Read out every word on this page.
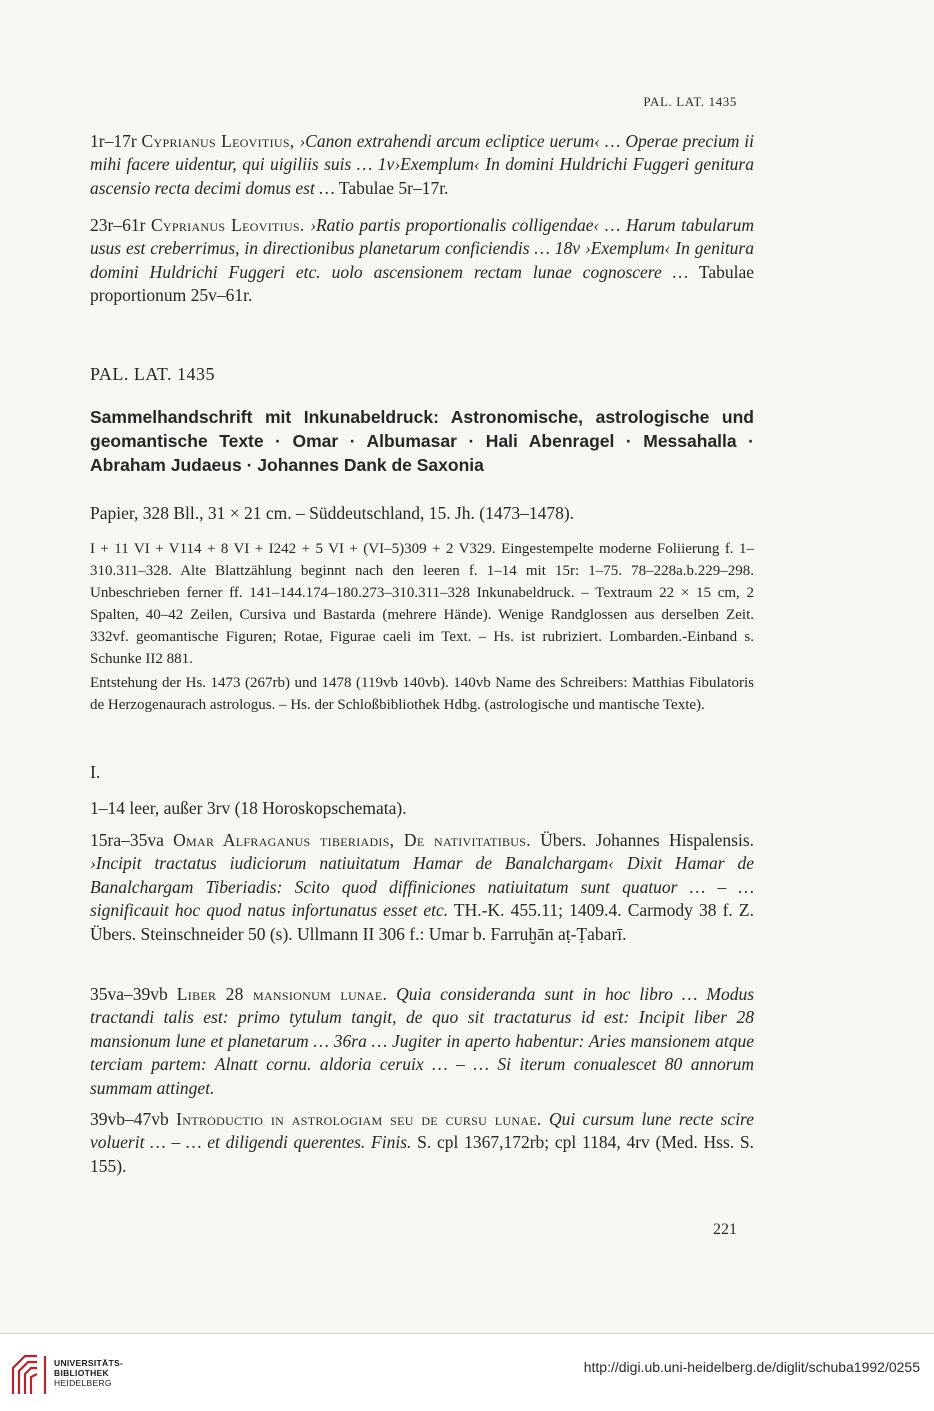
PAL. LAT. 1435

1r–17r Cyprianus Leovitius, ›Canon extrahendi arcum ecliptice uerum‹ … Operae precium ii mihi facere uidentur, qui uigiliis suis … 1v›Exemplum‹ In domini Huldrichi Fuggeri genitura ascensio recta decimi domus est … Tabulae 5r–17r.

23r–61r Cyprianus Leovitius. ›Ratio partis proportionalis colligendae‹ … Harum tabularum usus est creberrimus, in directionibus planetarum conficiendis … 18v ›Exemplum‹ In genitura domini Huldrichi Fuggeri etc. uolo ascensionem rectam lunae cognoscere … Tabulae proportionum 25v–61r.

PAL. LAT. 1435

Sammelhandschrift mit Inkunabeldruck: Astronomische, astrologische und geomantische Texte · Omar · Albumasar · Hali Abenragel · Messahalla · Abraham Judaeus · Johannes Dank de Saxonia

Papier, 328 Bll., 31 × 21 cm. – Süddeutschland, 15. Jh. (1473–1478).

I + 11 VI + V114 + 8 VI + I242 + 5 VI + (VI–5)309 + 2 V329. Eingestempelte moderne Foliierung f. 1–310.311–328. Alte Blattzählung beginnt nach den leeren f. 1–14 mit 15r: 1–75. 78–228a.b.229–298. Unbeschrieben ferner ff. 141–144.174–180.273–310.311–328 Inkunabeldruck. – Textraum 22 × 15 cm, 2 Spalten, 40–42 Zeilen, Cursiva und Bastarda (mehrere Hände). Wenige Randglossen aus derselben Zeit. 332vf. geomantische Figuren; Rotae, Figurae caeli im Text. – Hs. ist rubriziert. Lombarden.-Einband s. Schunke II2 881.
Entstehung der Hs. 1473 (267rb) und 1478 (119vb 140vb). 140vb Name des Schreibers: Matthias Fibulatoris de Herzogenaurach astrologus. – Hs. der Schloßbibliothek Hdbg. (astrologische und mantische Texte).
I.
1–14 leer, außer 3rv (18 Horoskopschemata).

15ra–35va Omar Alfraganus tiberiadis, De nativitatibus. Übers. Johannes Hispalensis. ›Incipit tractatus iudiciorum natiuitatum Hamar de Banalchargam‹ Dixit Hamar de Banalchargam Tiberiadis: Scito quod diffiniciones natiuitatum sunt quatuor … – … significauit hoc quod natus infortunatus esset etc. TH.-K. 455.11; 1409.4. Carmody 38 f. Z. Übers. Steinschneider 50 (s). Ullmann II 306 f.: Umar b. Farruḫān aṭ-Ṭabarī.

35va–39vb Liber 28 mansionum lunae. Quia consideranda sunt in hoc libro … Modus tractandi talis est: primo tytulum tangit, de quo sit tractaturus id est: Incipit liber 28 mansionum lune et planetarum … 36ra … Jugiter in aperto habentur: Aries mansionem atque terciam partem: Alnatt cornu. aldoria ceruix … – … Si iterum conualescet 80 annorum summam attinget.

39vb–47vb Introductio in astrologiam seu de cursu lunae. Qui cursum lune recte scire voluerit … – … et diligendi querentes. Finis. S. cpl 1367,172rb; cpl 1184, 4rv (Med. Hss. S. 155).

221
UNIVERSITÄTS-
BIBLIOTHEK
HEIDELBERG
http://digi.ub.uni-heidelberg.de/diglit/schuba1992/0255
